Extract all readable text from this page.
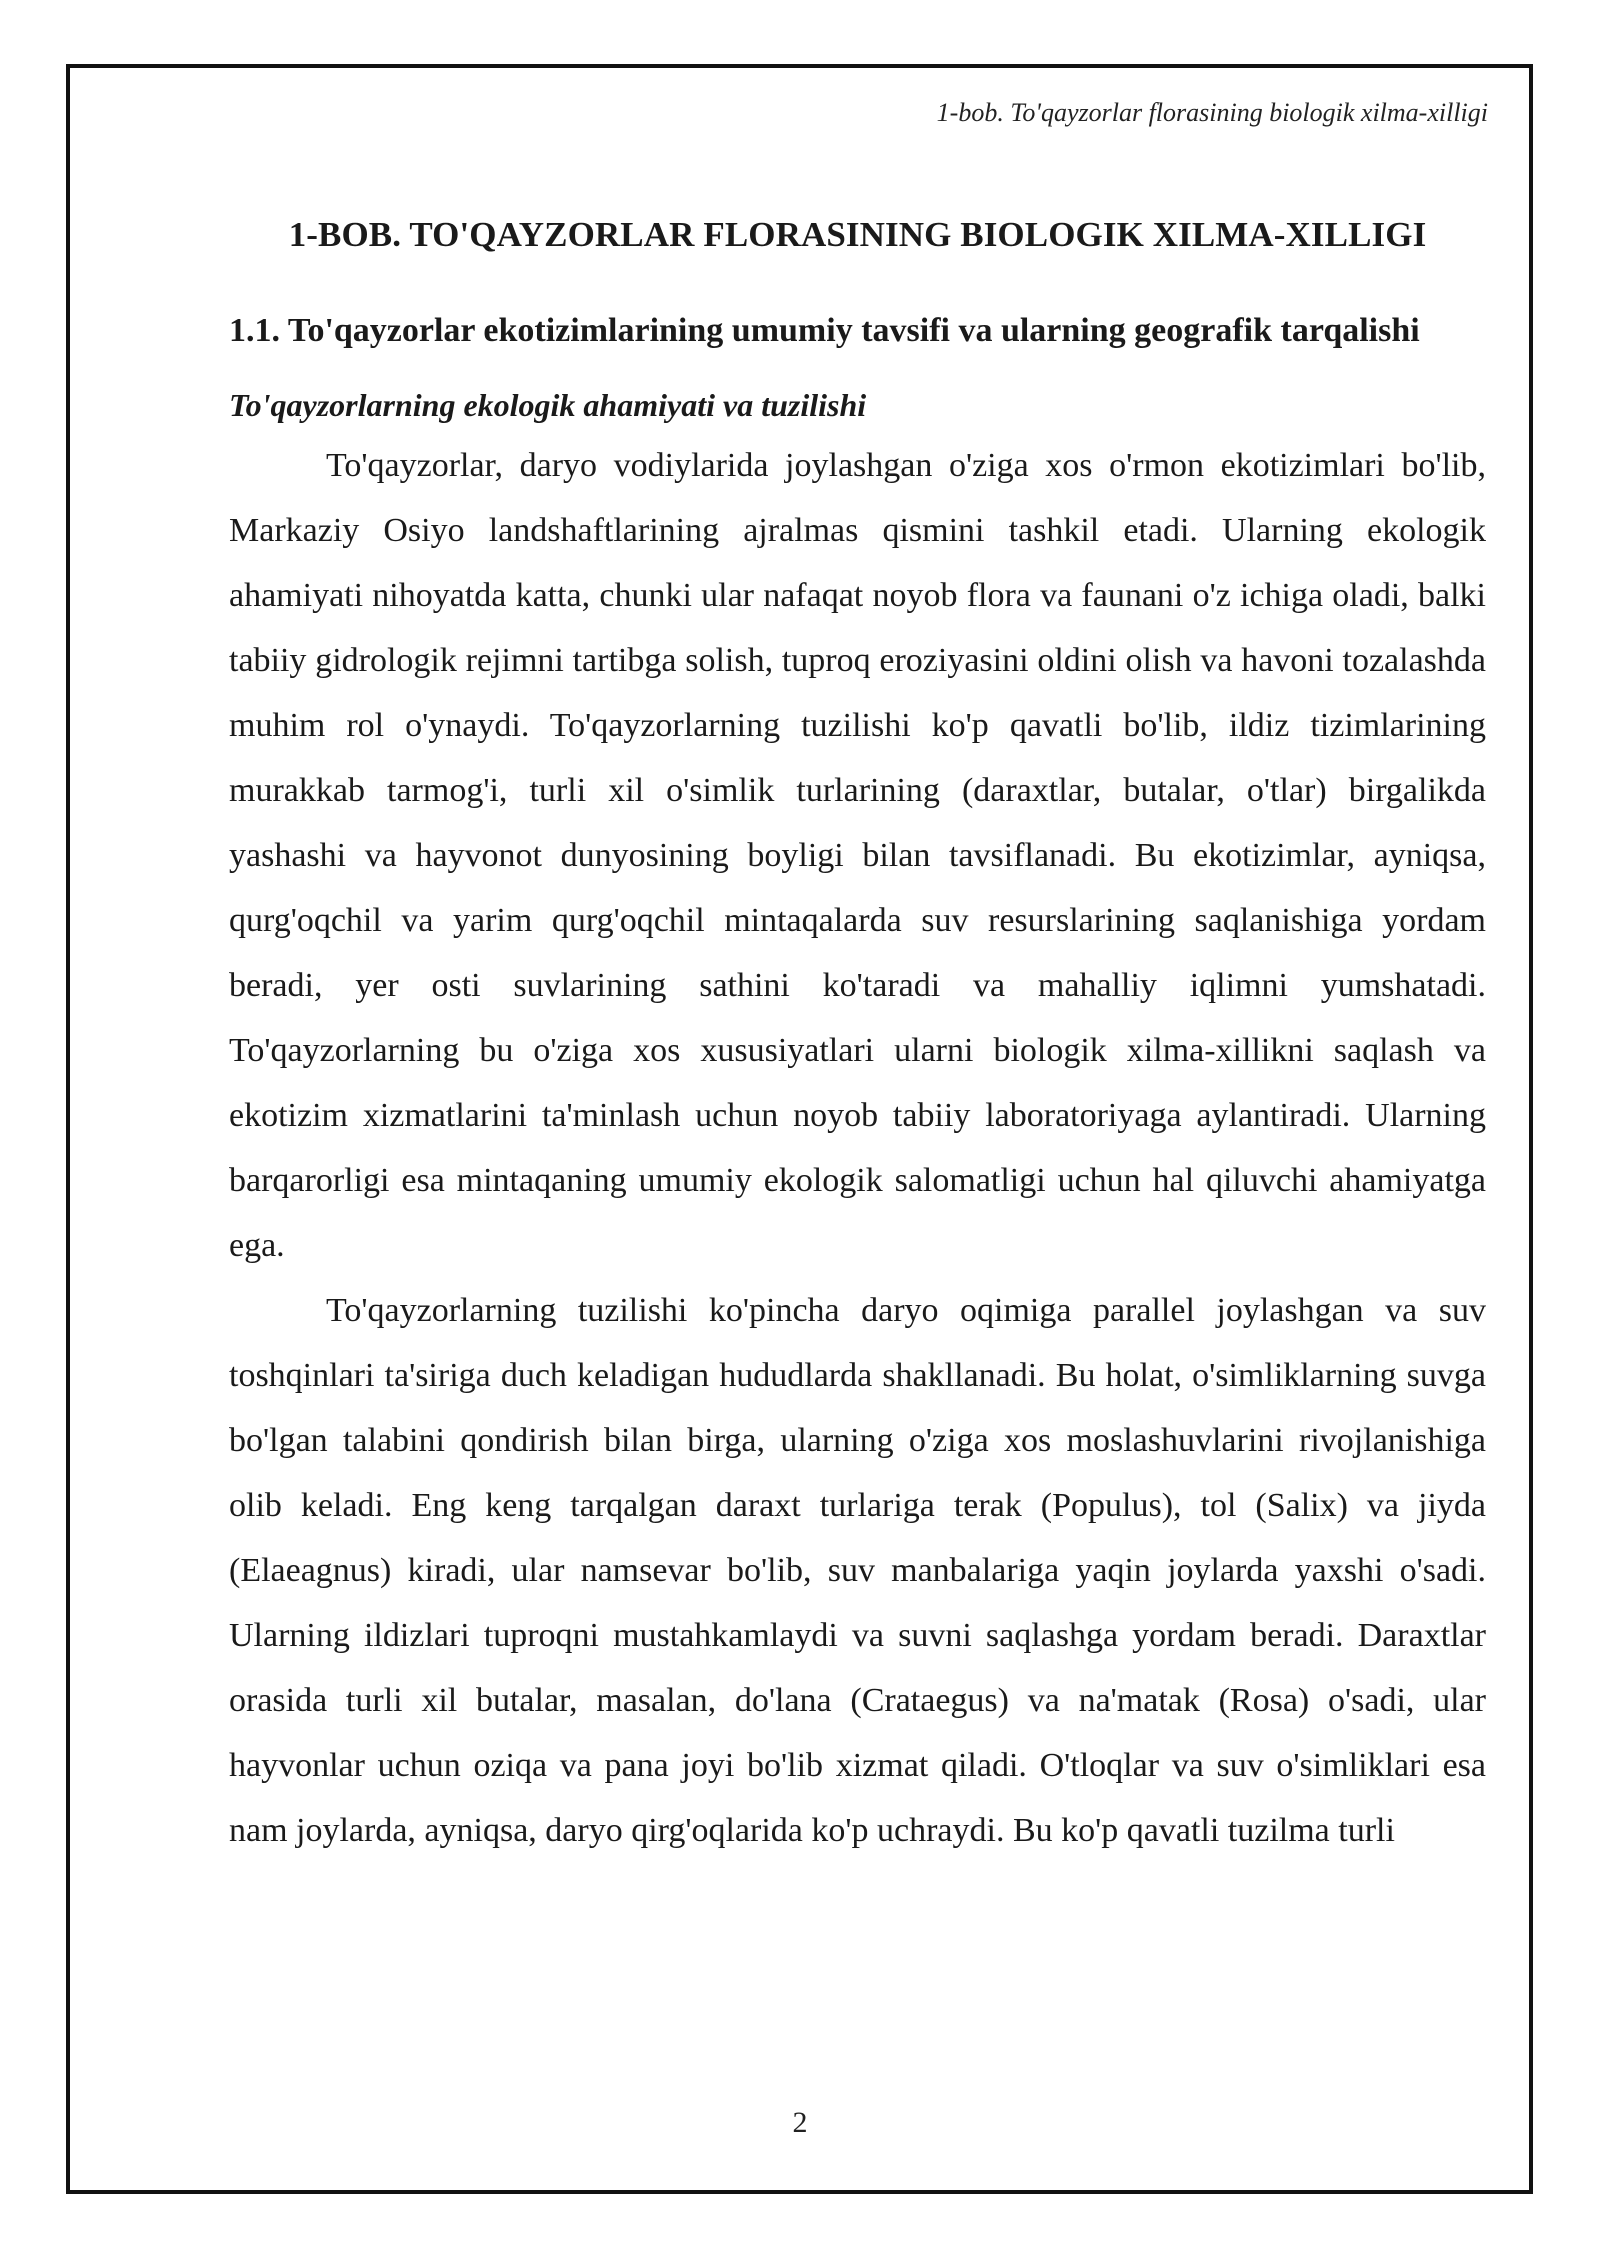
1-bob. To'qayzorlar florasining biologik xilma-xilligi
1-BOB. TO'QAYZORLAR FLORASINING BIOLOGIK XILMA-XILLIGI
1.1. To'qayzorlar ekotizimlarining umumiy tavsifi va ularning geografik tarqalishi
To'qayzorlarning ekologik ahamiyati va tuzilishi

To'qayzorlar, daryo vodiylarida joylashgan o'ziga xos o'rmon ekotizimlari bo'lib, Markaziy Osiyo landshaftlarining ajralmas qismini tashkil etadi. Ularning ekologik ahamiyati nihoyatda katta, chunki ular nafaqat noyob flora va faunani o'z ichiga oladi, balki tabiiy gidrologik rejimni tartibga solish, tuproq eroziyasini oldini olish va havoni tozalashda muhim rol o'ynaydi. To'qayzorlarning tuzilishi ko'p qavatli bo'lib, ildiz tizimlarining murakkab tarmog'i, turli xil o'simlik turlarining (daraxtlar, butalar, o'tlar) birgalikda yashashi va hayvonot dunyosining boyligi bilan tavsiflanadi. Bu ekotizimlar, ayniqsa, qurg'oqchil va yarim qurg'oqchil mintaqalarda suv resurslarining saqlanishiga yordam beradi, yer osti suvlarining sathini ko'taradi va mahalliy iqlimni yumshatadi. To'qayzorlarning bu o'ziga xos xususiyatlari ularni biologik xilma-xillikni saqlash va ekotizim xizmatlarini ta'minlash uchun noyob tabiiy laboratoriyaga aylantiradi. Ularning barqarorligi esa mintaqaning umumiy ekologik salomatligi uchun hal qiluvchi ahamiyatga ega.

To'qayzorlarning tuzilishi ko'pincha daryo oqimiga parallel joylashgan va suv toshqinlari ta'siriga duch keladigan hududlarda shakllanadi. Bu holat, o'simliklarning suvga bo'lgan talabini qondirish bilan birga, ularning o'ziga xos moslashuvlarini rivojlanishiga olib keladi. Eng keng tarqalgan daraxt turlariga terak (Populus), tol (Salix) va jiyda (Elaeagnus) kiradi, ular namsevar bo'lib, suv manbalariga yaqin joylarda yaxshi o'sadi. Ularning ildizlari tuproqni mustahkamlaydi va suvni saqlashga yordam beradi. Daraxtlar orasida turli xil butalar, masalan, do'lana (Crataegus) va na'matak (Rosa) o'sadi, ular hayvonlar uchun oziqa va pana joyi bo'lib xizmat qiladi. O'tloqlar va suv o'simliklari esa nam joylarda, ayniqsa, daryo qirg'oqlarida ko'p uchraydi. Bu ko'p qavatli tuzilma turli

2
